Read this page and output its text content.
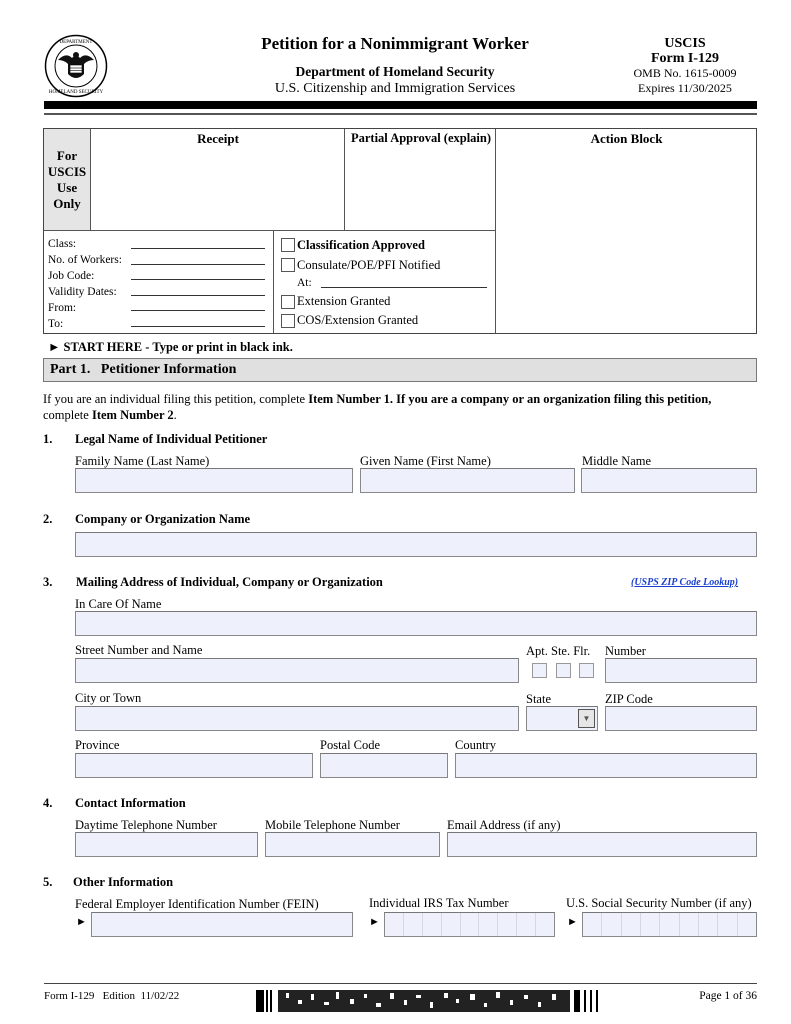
DEPARTMENT
HOMELAND SECURITY
Petition for a Nonimmigrant Worker
Department of Homeland Security
U.S. Citizenship and Immigration Services
USCIS
Form I-129
OMB No. 1615-0009
Expires 11/30/2025
For
USCIS
Use
Only
Receipt	Partial Approval (explain)	Action Block
Class:
No. of Workers:
Job Code:
Validity Dates:
From:
To:
Classification Approved
Consulate/POE/PFI Notified
At:
Extension Granted
COS/Extension Granted
► START HERE - Type or print in black ink.
Part 1.   Petitioner Information
If you are an individual filing this petition, complete Item Number 1. If you are a company or an organization filing this petition,
complete Item Number 2.
1. Legal Name of Individual Petitioner
Family Name (Last Name)	Given Name (First Name)	Middle Name
2. Company or Organization Name
3. Mailing Address of Individual, Company or Organization	(USPS ZIP Code Lookup)
In Care Of Name
Street Number and Name	Apt. Ste. Flr. Number
City or Town	State	ZIP Code
▼
Province	Postal Code	Country
4. Contact Information
Daytime Telephone Number	Mobile Telephone Number	Email Address (if any)
5. Other Information
Federal Employer Identification Number (FEIN)	Individual IRS Tax Number	U.S. Social Security Number (if any)
►	►	►
Form I-129   Edition  11/02/22	Page 1 of 36
